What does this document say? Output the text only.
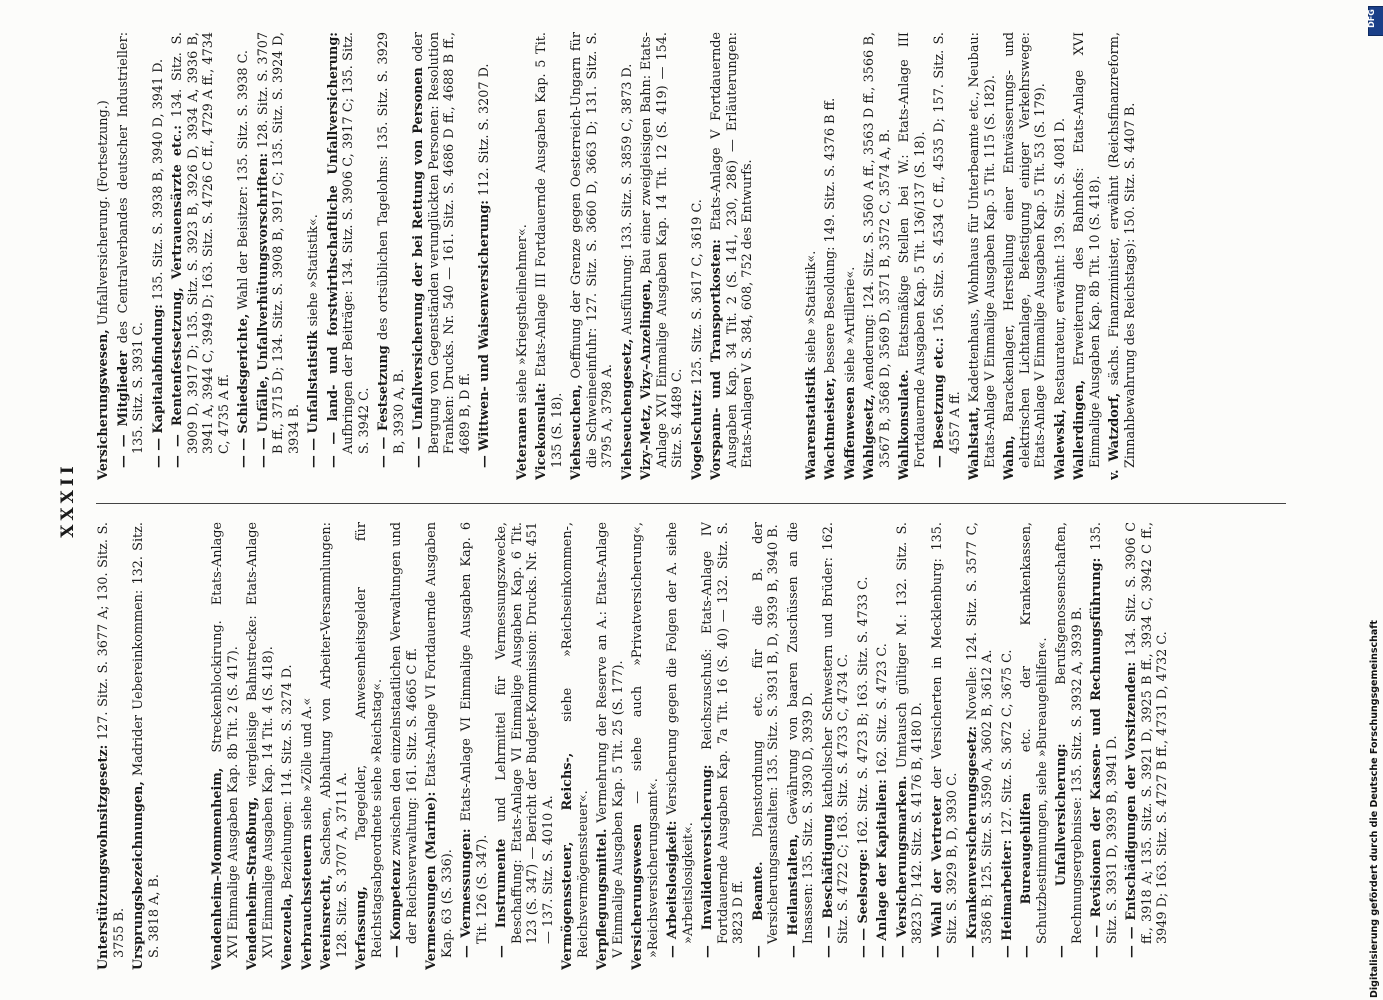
XXXII
Unterstützungswohnsitzgesetz: 127. Sitz. S. 3677 A; 130. Sitz. S. 3755 B. Ursprungsbezeichnungen, Madrider Uebereinkommen: 132. Sitz. S. 3818 A, B.	Vendenheim–Mommenheim, Streckenblockirung. Etats-Anlage XVI Einmalige Ausgaben Kap. 8b Tit. 2 (S. 417). Vendenheim–Straßburg, viergleisige Bahnstrecke: Etats-Anlage XVI Einmalige Ausgaben Kap. 14 Tit. 4 (S. 418). Venezuela, Beziehungen: 114. Sitz. S. 3274 D.
Verbrauchssteuern siehe »Zölle und A.«
Vereinsrecht, Sachsen, Abhaltung von Arbeiter-Versammlungen: 128. Sitz. S. 3707 A, 3711 A. Verfassung, Tagegelder, Anwesenheitsgelder für Reichstagsabgeordnete siehe »Reichstag«. — Kompetenz zwischen den einzelnstaatlichen Verwaltungen und der Reichsverwaltung: 161. Sitz. S. 4665 C ff. Vermessungen (Marine): Etats-Anlage VI Fortdauernde Ausgaben Kap. 63 (S. 336). — Vermessungen: Etats-Anlage VI Einmalige Ausgaben Kap. 6 Tit. 126 (S. 347). — Instrumente und Lehrmittel für Vermessungszwecke, Beschaffung: Etats-Anlage VI Einmalige Ausgaben Kap. 6 Tit. 123 (S. 347) — Bericht der Budget-Kommission: Drucks. Nr. 451 — 137. Sitz. S. 4010 A. Vermögenssteuer, Reichs-, siehe »Reichseinkommen-, Reichsvermögenssteuer«. Verpflegungsmittel. Vermehrung der Reserve an A.: Etats-Anlage V Einmalige Ausgaben Kap. 5 Tit. 25 (S. 177). Versicherungswesen — siehe auch »Privatversicherung«, »Reichsversicherungsamt«. — Arbeitslosigkeit: Versicherung gegen die Folgen der A. siehe »Arbeitslosigkeit«. — Invalidenversicherung: Reichszuschuß: Etats-Anlage IV Fortdauernde Ausgaben Kap. 7a Tit. 16 (S. 40) — 132. Sitz. S. 3823 D ff. — Beamte. Dienstordnung etc. für die B. der Versicherungsanstalten: 135. Sitz. S. 3931 B, D, 3939 B, 3940 B. — Heilanstalten, Gewährung von baaren Zuschüssen an die Insassen: 135. Sitz. S. 3930 D, 3939 D. — — Beschäftigung katholischer Schwestern und Brüder: 162. Sitz. S. 4722 C; 163. Sitz. S. 4733 C, 4734 C. — — Seelsorge: 162. Sitz. S. 4723 B; 163. Sitz. S. 4733 C.
— Anlage der Kapitalien: 162. Sitz. S. 4723 C.
— Versicherungsmarken. Umtausch gültiger M.: 132. Sitz. S. 3823 D; 142. Sitz. S. 4176 B, 4180 D. — Wahl der Vertreter der Versicherten in Mecklenburg: 135. Sitz. S. 3929 B, D, 3930 C. — Krankenversicherungsgesetz: Novelle: 124. Sitz. S. 3577 C, 3586 B; 125. Sitz. S. 3590 A, 3602 B, 3612 A. — Heimarbeiter: 127. Sitz. S. 3672 C, 3675 C.
— Bureaugehilfen etc. der Krankenkassen, Schutzbestimmungen, siehe »Bureaugehilfen«. — Unfallversicherung: Berufsgenossenschaften, Rechnungsergebnisse: 135. Sitz. S. 3932 A, 3939 B. — — Revisionen der Kassen- und Rechnungsführung: 135. Sitz. S. 3931 D, 3939 B, 3941 D. — — Entschädigungen der Vorsitzenden: 134. Sitz. S. 3906 C ff., 3918 A; 135. Sitz. S. 3921 D, 3925 B ff., 3934 C, 3942 C ff., 3949 D; 163. Sitz. S. 4727 B ff., 4731 D, 4732 C.
Versicherungswesen, Unfallversicherung. (Fortsetzung.)
— — Mitglieder des Centralverbandes deutscher Industrieller: 135. Sitz. S. 3931 C. — — Kapitalabfindung: 135. Sitz. S. 3938 B, 3940 D, 3941 D. — — Rentenfestsetzung, Vertrauensärzte etc.: 134. Sitz. S. 3909 D, 3917 D; 135. Sitz. S. 3923 B, 3926 D, 3934 A, 3936 B, 3941 A, 3944 C, 3949 D; 163. Sitz. S. 4726 C ff., 4729 A ff., 4734 C, 4735 A ff. — — Schiedsgerichte, Wahl der Beisitzer: 135. Sitz. S. 3938 C. — — Unfälle, Unfallverhütungsvorschriften: 128. Sitz. S. 3707 B ff., 3715 D; 134. Sitz. S. 3908 B, 3917 C; 135. Sitz. S. 3924 D, 3934 B. — — Unfallstatistik siehe »Statistik«. — — land- und forstwirthschaftliche Unfallversicherung: Aufbringen der Beiträge: 134. Sitz. S. 3906 C, 3917 C; 135. Sitz. S. 3942 C. — — Festsetzung des ortsüblichen Tagelohns: 135. Sitz. S. 3929 B, 3930 A, B. — — Unfallversicherung der bei Rettung von Personen oder Bergung von Gegenständen verunglückten Personen: Resolution Franken: Drucks. Nr. 540 — 161. Sitz. S. 4686 D ff., 4688 B ff., 4689 B, D ff. — Wittwen- und Waisenversicherung: 112. Sitz. S. 3207 D.
Veteranen siehe »Kriegstheilnehmer«.
Vicekonsulat: Etats-Anlage III Fortdauernde Ausgaben Kap. 5 Tit. 135 (S. 18). Viehseuchen, Oeffnung der Grenze gegen Oesterreich-Ungarn für die Schweineeinfuhr: 127. Sitz. S. 3660 D, 3663 D; 131. Sitz. S. 3795 A, 3798 A. Viehseuchengesetz, Ausführung: 133. Sitz. S. 3859 C, 3873 D.
Vizy–Metz, Vizy–Anzelingen, Bau einer zweigleisigen Bahn: Etats-Anlage XVI Einmalige Ausgaben Kap. 14 Tit. 12 (S. 419) — 154. Sitz. S. 4489 C. Vogelschutz: 125. Sitz. S. 3617 C, 3619 C. Vorspann- und Transportkosten: Etats-Anlage V Fortdauernde Ausgaben Kap. 34 Tit. 2 (S. 141, 230, 286) — Erläuterungen: Etats-Anlagen V S. 384, 608, 752 des Entwurfs.	Waarenstatistik siehe »Statistik«.
Wachtmeister, bessere Besoldung: 149. Sitz. S. 4376 B ff.
Waffenwesen siehe »Artillerie«.
Wahlgesetz, Aenderung: 124. Sitz. S. 3560 A ff., 3563 D ff., 3566 B, 3567 B, 3568 D, 3569 D, 3571 B, 3572 C, 3574 A, B. Wahlkonsulate. Etatsmäßige Stellen bei W.: Etats-Anlage III Fortdauernde Ausgaben Kap. 5 Tit. 136/137 (S. 18). — Besetzung etc.: 156. Sitz. S. 4534 C ff., 4535 D; 157. Sitz. S. 4557 A ff. Wahlstatt, Kadettenhaus, Wohnhaus für Unterbeamte etc., Neubau: Etats-Anlage V Einmalige Ausgaben Kap. 5 Tit. 115 (S. 182). Wahn, Barackenlager, Herstellung einer Entwässerungs- und elektrischen Lichtanlage, Befestigung einiger Verkehrswege: Etats-Anlage V Einmalige Ausgaben Kap. 5 Tit. 53 (S. 179). Walewski, Restaurateur, erwähnt: 139. Sitz. S. 4081 D.
Wallerdingen, Erweiterung des Bahnhofs: Etats-Anlage XVI Einmalige Ausgaben Kap. 8b Tit. 10 (S. 418). v. Watzdorf, sächs. Finanzminister, erwähnt (Reichsfinanzreform, Zinnahbewahrung des Reichstags): 150. Sitz. S. 4407 B.
Digitalisierung gefördert durch die Deutsche Forschungsgemeinschaft
DFG
